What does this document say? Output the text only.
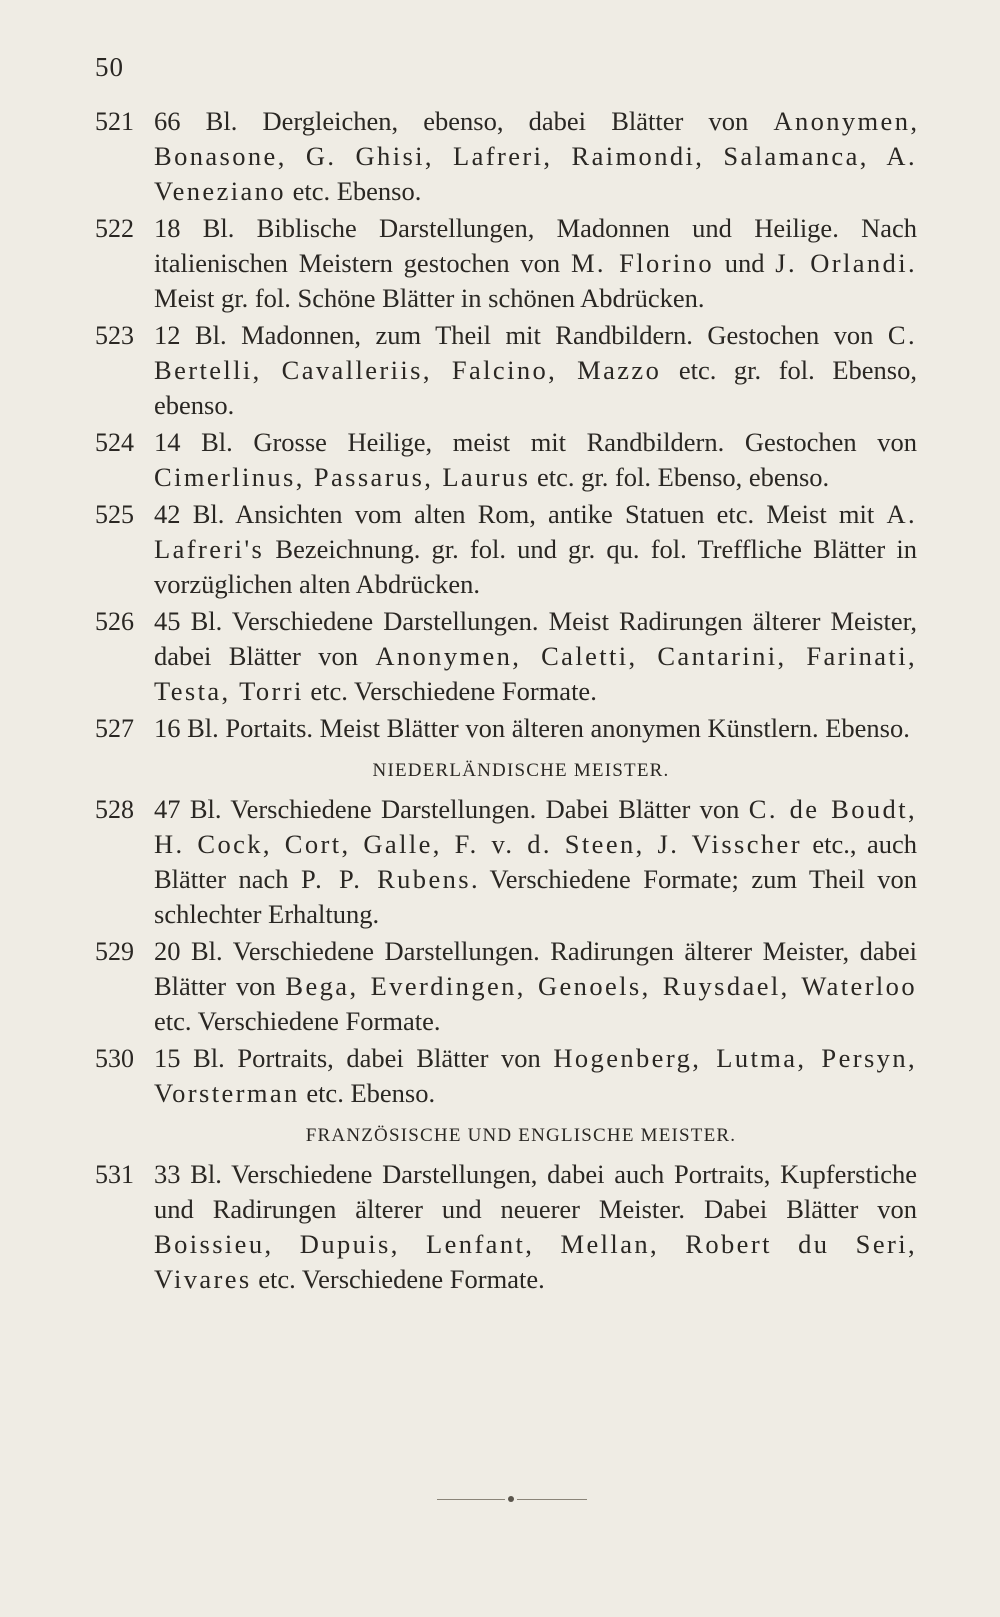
50
521 66 Bl. Dergleichen, ebenso, dabei Blätter von Anonymen, Bonasone, G. Ghisi, Lafreri, Raimondi, Salamanca, A. Veneziano etc. Ebenso.
522 18 Bl. Biblische Darstellungen, Madonnen und Heilige. Nach italienischen Meistern gestochen von M. Florino und J. Orlandi. Meist gr. fol. Schöne Blätter in schönen Abdrücken.
523 12 Bl. Madonnen, zum Theil mit Randbildern. Gestochen von C. Bertelli, Cavalleriis, Falcino, Mazzo etc. gr. fol. Ebenso, ebenso.
524 14 Bl. Grosse Heilige, meist mit Randbildern. Gestochen von Cimerlinus, Passarus, Laurus etc. gr. fol. Ebenso, ebenso.
525 42 Bl. Ansichten vom alten Rom, antike Statuen etc. Meist mit A. Lafreri's Bezeichnung. gr. fol. und gr. qu. fol. Treffliche Blätter in vorzüglichen alten Abdrücken.
526 45 Bl. Verschiedene Darstellungen. Meist Radirungen älterer Meister, dabei Blätter von Anonymen, Caletti, Cantarini, Farinati, Testa, Torri etc. Verschiedene Formate.
527 16 Bl. Portaits. Meist Blätter von älteren anonymen Künstlern. Ebenso.
NIEDERLÄNDISCHE MEISTER.
528 47 Bl. Verschiedene Darstellungen. Dabei Blätter von C. de Boudt, H. Cock, Cort, Galle, F. v. d. Steen, J. Visscher etc., auch Blätter nach P. P. Rubens. Verschiedene Formate; zum Theil von schlechter Erhaltung.
529 20 Bl. Verschiedene Darstellungen. Radirungen älterer Meister, dabei Blätter von Bega, Everdingen, Genoels, Ruysdael, Waterloo etc. Verschiedene Formate.
530 15 Bl. Portraits, dabei Blätter von Hogenberg, Lutma, Persyn, Vorsterman etc. Ebenso.
FRANZÖSISCHE UND ENGLISCHE MEISTER.
531 33 Bl. Verschiedene Darstellungen, dabei auch Portraits, Kupferstiche und Radirungen älterer und neuerer Meister. Dabei Blätter von Boissieu, Dupuis, Lenfant, Mellan, Robert du Seri, Vivares etc. Verschiedene Formate.
